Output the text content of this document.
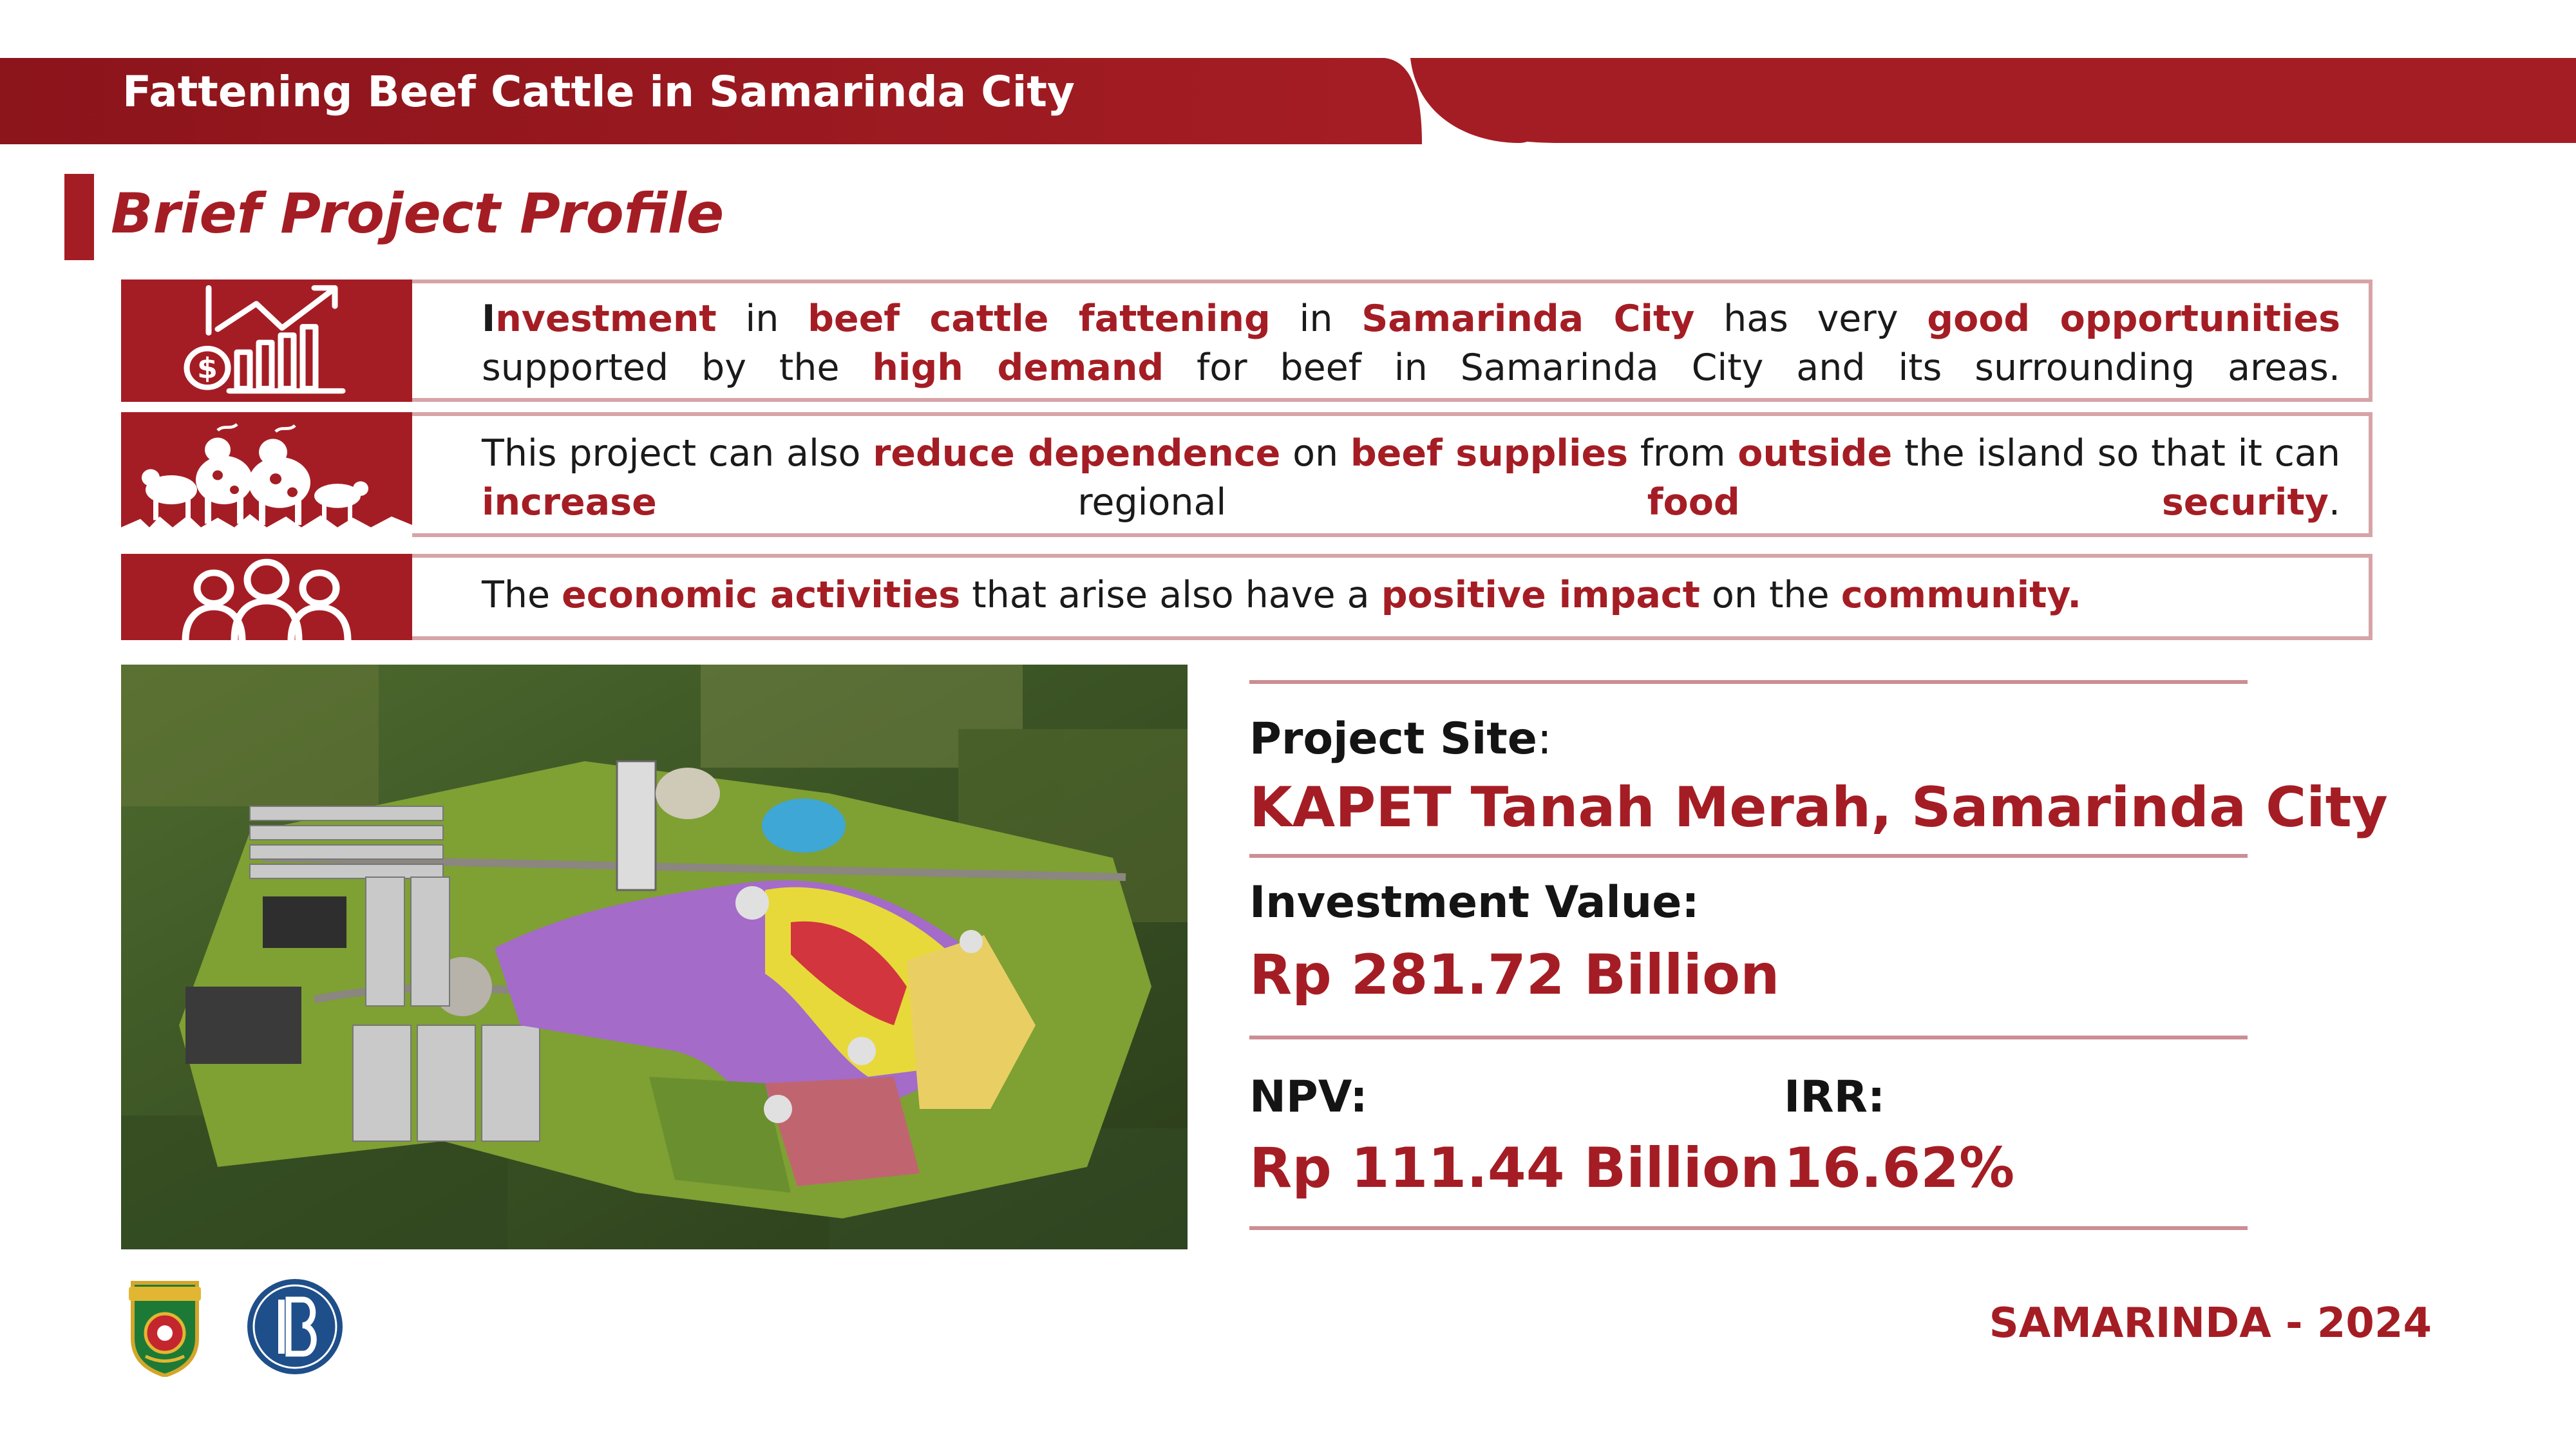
Fattening Beef Cattle in Samarinda City
Brief Project Profile
$
Investment in beef cattle fattening in Samarinda City has very good opportunities supported by the high demand for beef in Samarinda City and its surrounding areas.
This project can also reduce dependence on beef supplies from outside the island so that it can increase regional food security.
The economic activities that arise also have a positive impact on the community.
Project Site:
KAPET Tanah Merah, Samarinda City
Investment Value:
Rp 281.72 Billion
NPV:
Rp 111.44 Billion
IRR:
16.62%
SAMARINDA - 2024
